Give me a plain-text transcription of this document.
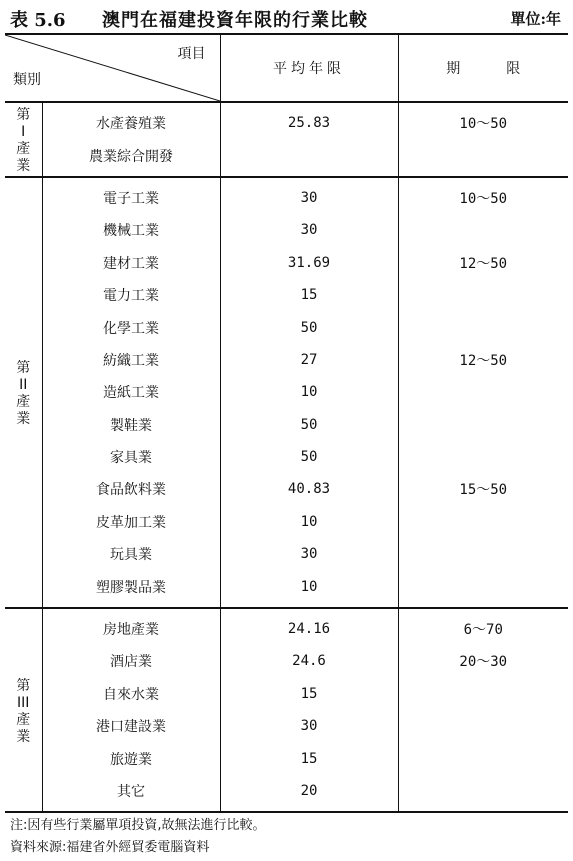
表 5.6 澳門在福建投資年限的行業比較	單位:年
項目
類別		平均年限	期 限

第I產業	水產養殖業	25.83	10～50
	農業綜合開發		

第II產業	電子工業	30	10～50
	機械工業	30	
	建材工業	31.69	12～50
	電力工業	15	
	化學工業	50	
	紡織工業	27	12～50
	造紙工業	10	
	製鞋業	50	
	家具業	50	
	食品飲料業	40.83	15～50
	皮革加工業	10	
	玩具業	30	
	塑膠製品業	10	

第III產業	房地產業	24.16	6～70
	酒店業	24.6	20～30
	自來水業	15	
	港口建設業	30	
	旅遊業	15	
	其它	20	
注:因有些行業屬單項投資,故無法進行比較。
資料來源:福建省外經貿委電腦資料
